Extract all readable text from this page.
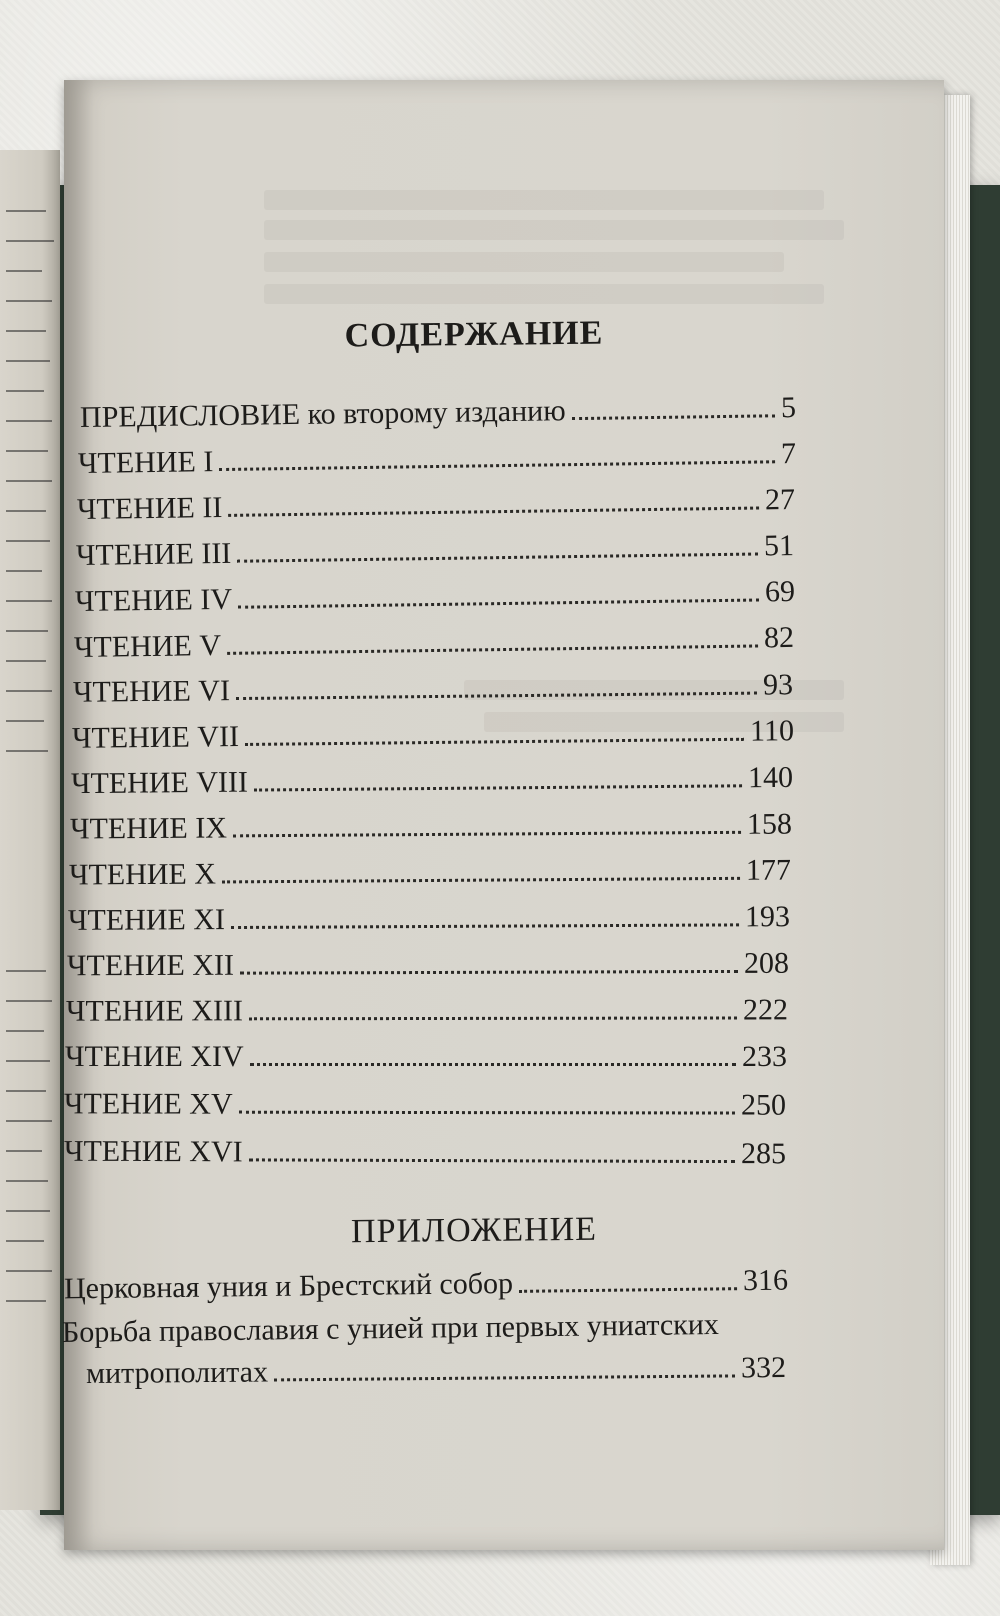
СОДЕРЖАНИЕ
ПРЕДИСЛОВИЕ ко второму изданию	5
ЧТЕНИЕ I	7
ЧТЕНИЕ II	27
ЧТЕНИЕ III	51
ЧТЕНИЕ IV	69
ЧТЕНИЕ V	82
ЧТЕНИЕ VI	93
ЧТЕНИЕ VII	110
ЧТЕНИЕ VIII	140
ЧТЕНИЕ IX	158
ЧТЕНИЕ X	177
ЧТЕНИЕ XI	193
ЧТЕНИЕ XII	208
ЧТЕНИЕ XIII	222
ЧТЕНИЕ XIV	233
ЧТЕНИЕ XV	250
ЧТЕНИЕ XVI	285
ПРИЛОЖЕНИЕ
Церковная уния и Брестский собор	316
Борьба православия с унией при первых униатских
митрополитах	332
